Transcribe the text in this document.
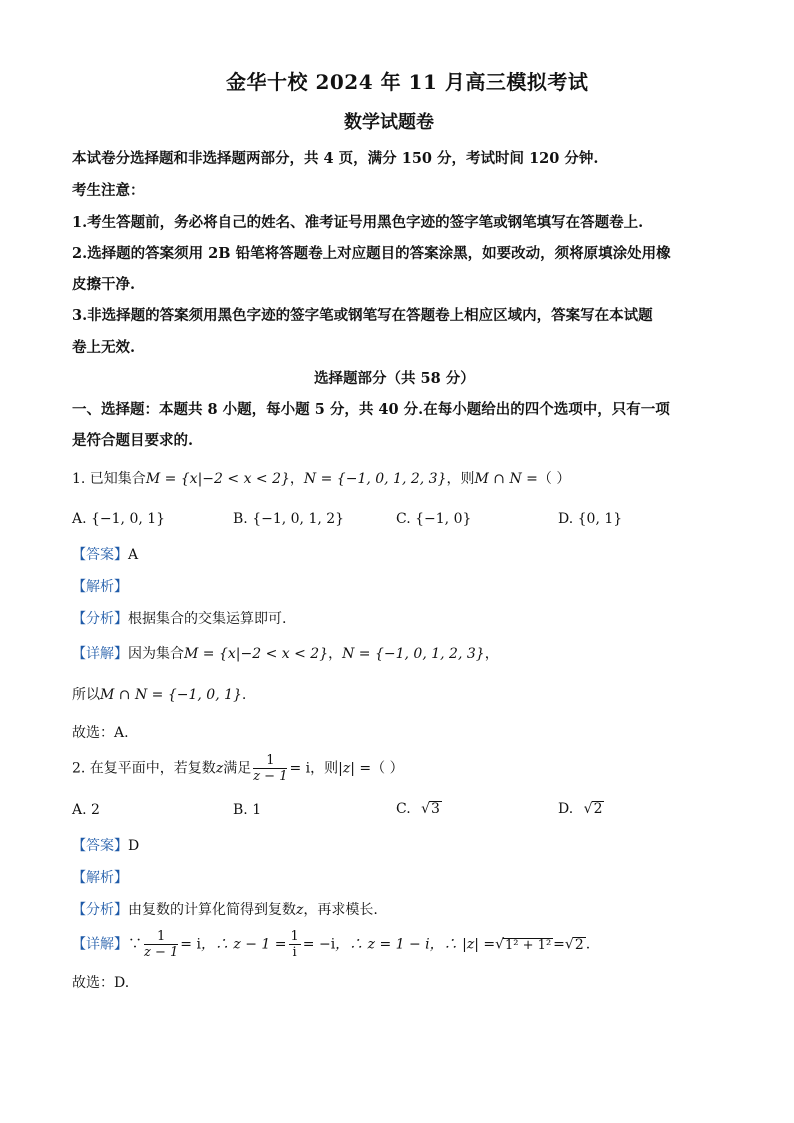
金华十校 2024 年 11 月高三模拟考试
数学试题卷
本试卷分选择题和非选择题两部分，共 4 页，满分 150 分，考试时间 120 分钟.
考生注意：
1.考生答题前，务必将自己的姓名、准考证号用黑色字迹的签字笔或钢笔填写在答题卷上.
2.选择题的答案须用 2B 铅笔将答题卷上对应题目的答案涂黑，如要改动，须将原填涂处用橡
皮擦干净.
3.非选择题的答案须用黑色字迹的签字笔或钢笔写在答题卷上相应区域内，答案写在本试题
卷上无效.
选择题部分（共 58 分）
一、选择题：本题共 8 小题，每小题 5 分，共 40 分.在每小题给出的四个选项中，只有一项
是符合题目要求的.
1. 已知集合M = {x|−2 < x < 2}，N = {−1, 0, 1, 2, 3}，则M ∩ N =（ ）
A. {−1, 0, 1}	B. {−1, 0, 1, 2}	C. {−1, 0}	D. {0, 1}
【答案】A
【解析】
【分析】根据集合的交集运算即可.
【详解】因为集合M = {x|−2 < x < 2}，N = {−1, 0, 1, 2, 3}，
所以M ∩ N = {−1, 0, 1}.
故选：A.
2. 在复平面中，若复数z满足 $\frac{1}{z - 1} = i$，则|z| =（ ）
A. 2	B. 1	C. √3	D. √2
【答案】D
【解析】
【分析】由复数的计算化简得到复数z，再求模长.
【详解】∵ $\frac{1}{z - 1} = i$，∴ $z - 1 = \frac{1}{i} = -i$，∴ z = 1 − i，∴ |z| =√1² + 1² =√2 .
故选：D.
